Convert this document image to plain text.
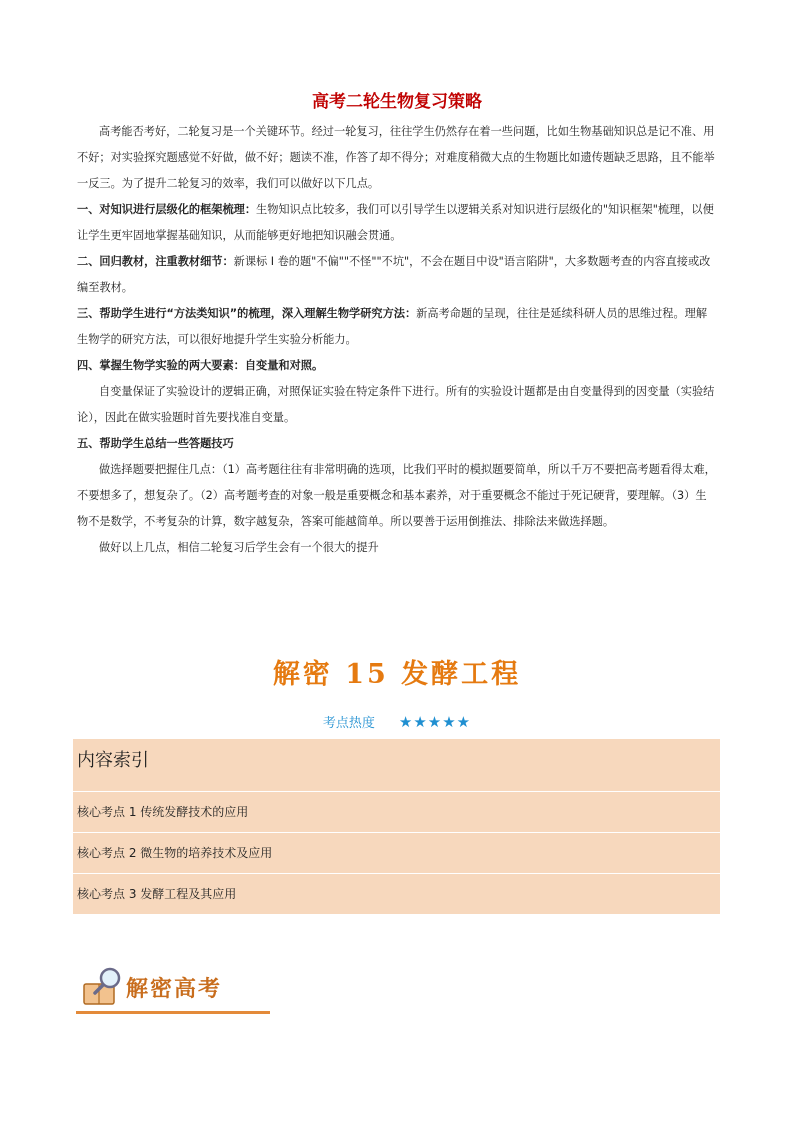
高考二轮生物复习策略

高考能否考好，二轮复习是一个关键环节。经过一轮复习，往往学生仍然存在着一些问题，比如生物基础知识总是记不准、用不好；对实验探究题感觉不好做，做不好；题读不准，作答了却不得分；对难度稍微大点的生物题比如遗传题缺乏思路，且不能举一反三。为了提升二轮复习的效率，我们可以做好以下几点。

一、对知识进行层级化的框架梳理：生物知识点比较多，我们可以引导学生以逻辑关系对知识进行层级化的"知识框架"梳理，以便让学生更牢固地掌握基础知识，从而能够更好地把知识融会贯通。

二、回归教材，注重教材细节：新课标 I 卷的题"不偏""不怪""不坑"，不会在题目中设"语言陷阱"，大多数题考查的内容直接或改编至教材。

三、帮助学生进行“方法类知识”的梳理，深入理解生物学研究方法：新高考命题的呈现，往往是延续科研人员的思维过程。理解生物学的研究方法，可以很好地提升学生实验分析能力。

四、掌握生物学实验的两大要素：自变量和对照。

自变量保证了实验设计的逻辑正确，对照保证实验在特定条件下进行。所有的实验设计题都是由自变量得到的因变量（实验结论），因此在做实验题时首先要找准自变量。

五、帮助学生总结一些答题技巧

做选择题要把握住几点：（1）高考题往往有非常明确的选项，比我们平时的模拟题要简单，所以千万不要把高考题看得太难，不要想多了，想复杂了。（2）高考题考查的对象一般是重要概念和基本素养，对于重要概念不能过于死记硬背，要理解。（3）生物不是数学，不考复杂的计算，数字越复杂，答案可能越简单。所以要善于运用倒推法、排除法来做选择题。

做好以上几点，相信二轮复习后学生会有一个很大的提升

解密 15 发酵工程
考点热度 ★★★★★
内容索引
核心考点 1 传统发酵技术的应用
核心考点 2 微生物的培养技术及应用
核心考点 3 发酵工程及其应用
解密高考
